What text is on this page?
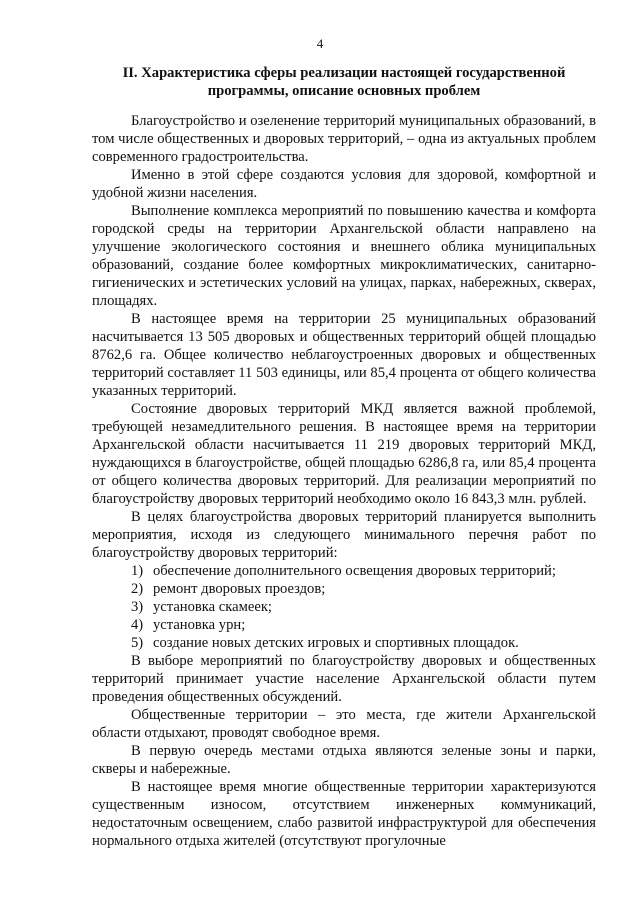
4
II. Характеристика сферы реализации настоящей государственной программы, описание основных проблем

Благоустройство и озеленение территорий муниципальных образований, в том числе общественных и дворовых территорий, – одна из актуальных проблем современного градостроительства.

Именно в этой сфере создаются условия для здоровой, комфортной и удобной жизни населения.

Выполнение комплекса мероприятий по повышению качества и комфорта городской среды на территории Архангельской области направлено на улучшение экологического состояния и внешнего облика муниципальных образований, создание более комфортных микроклиматических, санитарно-гигиенических и эстетических условий на улицах, парках, набережных, скверах, площадях.

В настоящее время на территории 25 муниципальных образований насчитывается 13 505 дворовых и общественных территорий общей площадью 8762,6 га. Общее количество неблагоустроенных дворовых и общественных территорий составляет 11 503 единицы, или 85,4 процента от общего количества указанных территорий.

Состояние дворовых территорий МКД является важной проблемой, требующей незамедлительного решения. В настоящее время на территории Архангельской области насчитывается 11 219 дворовых территорий МКД, нуждающихся в благоустройстве, общей площадью 6286,8 га, или 85,4 процента от общего количества дворовых территорий. Для реализации мероприятий по благоустройству дворовых территорий необходимо около 16 843,3 млн. рублей.

В целях благоустройства дворовых территорий планируется выполнить мероприятия, исходя из следующего минимального перечня работ по благоустройству дворовых территорий:

1) обеспечение дополнительного освещения дворовых территорий;
2) ремонт дворовых проездов;
3) установка скамеек;
4) установка урн;
5) создание новых детских игровых и спортивных площадок.

В выборе мероприятий по благоустройству дворовых и общественных территорий принимает участие население Архангельской области путем проведения общественных обсуждений.

Общественные территории – это места, где жители Архангельской области отдыхают, проводят свободное время.

В первую очередь местами отдыха являются зеленые зоны и парки, скверы и набережные.

В настоящее время многие общественные территории характеризуются существенным износом, отсутствием инженерных коммуникаций, недостаточным освещением, слабо развитой инфраструктурой для обеспечения нормального отдыха жителей (отсутствуют прогулочные
